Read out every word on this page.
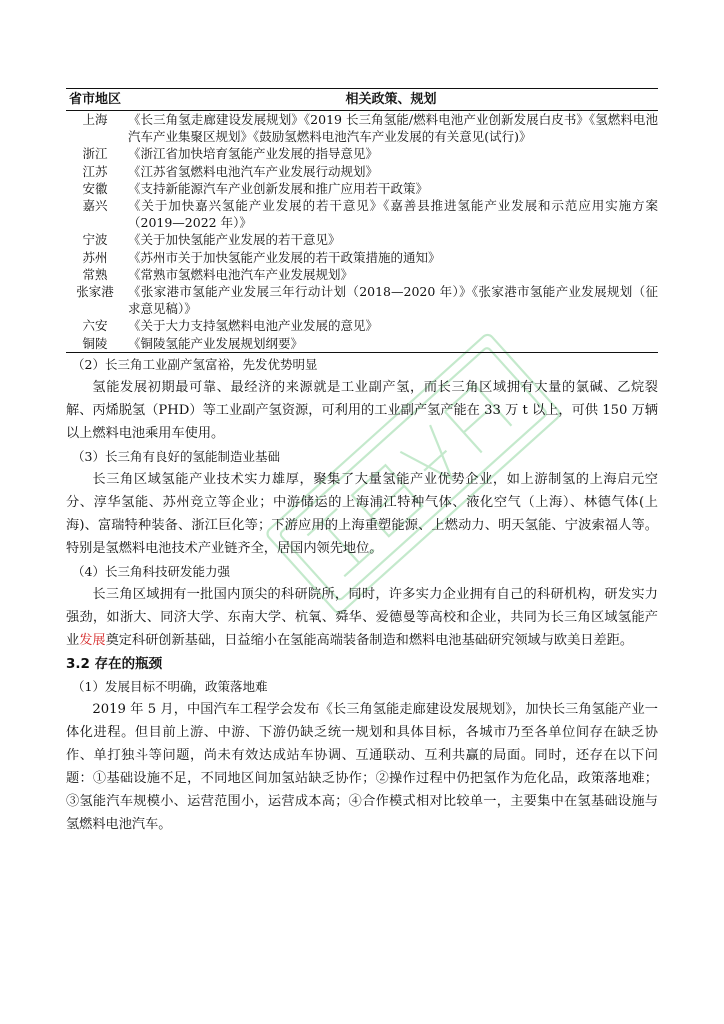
省市地区	相关政策、规划
上海	《长三角氢走廊建设发展规划》《2019 长三角氢能/燃料电池产业创新发展白皮书》《氢燃料电池汽车产业集聚区规划》《鼓励氢燃料电池汽车产业发展的有关意见(试行)》
浙江	《浙江省加快培育氢能产业发展的指导意见》
江苏	《江苏省氢燃料电池汽车产业发展行动规划》
安徽	《支持新能源汽车产业创新发展和推广应用若干政策》
嘉兴	《关于加快嘉兴氢能产业发展的若干意见》《嘉善县推进氢能产业发展和示范应用实施方案（2019—2022 年）》
宁波	《关于加快氢能产业发展的若干意见》
苏州	《苏州市关于加快氢能产业发展的若干政策措施的通知》
常熟	《常熟市氢燃料电池汽车产业发展规划》
张家港	《张家港市氢能产业发展三年行动计划（2018—2020 年）》《张家港市氢能产业发展规划（征求意见稿）》
六安	《关于大力支持氢燃料电池产业发展的意见》
铜陵	《铜陵氢能产业发展规划纲要》
（2）长三角工业副产氢富裕，先发优势明显

氢能发展初期最可靠、最经济的来源就是工业副产氢，而长三角区域拥有大量的氯碱、乙烷裂解、丙烯脱氢（PHD）等工业副产氢资源，可利用的工业副产氢产能在 33 万 t 以上，可供 150 万辆以上燃料电池乘用车使用。

（3）长三角有良好的氢能制造业基础

长三角区域氢能产业技术实力雄厚，聚集了大量氢能产业优势企业，如上游制氢的上海启元空分、淳华氢能、苏州竞立等企业；中游储运的上海浦江特种气体、液化空气（上海）、林德气体(上海)、富瑞特种装备、浙江巨化等；下游应用的上海重塑能源、上燃动力、明天氢能、宁波索福人等。特别是氢燃料电池技术产业链齐全，居国内领先地位。

（4）长三角科技研发能力强

长三角区域拥有一批国内顶尖的科研院所，同时，许多实力企业拥有自己的科研机构，研发实力强劲，如浙大、同济大学、东南大学、杭氧、舜华、爱德曼等高校和企业，共同为长三角区域氢能产业发展奠定科研创新基础，日益缩小在氢能高端装备制造和燃料电池基础研究领域与欧美日差距。

3.2 存在的瓶颈
（1）发展目标不明确，政策落地难

2019 年 5 月，中国汽车工程学会发布《长三角氢能走廊建设发展规划》，加快长三角氢能产业一体化进程。但目前上游、中游、下游仍缺乏统一规划和具体目标，各城市乃至各单位间存在缺乏协作、单打独斗等问题，尚未有效达成站车协调、互通联动、互利共赢的局面。同时，还存在以下问题：①基础设施不足，不同地区间加氢站缺乏协作；②操作过程中仍把氢作为危化品，政策落地难；③氢能汽车规模小、运营范围小，运营成本高；④合作模式相对比较单一，主要集中在氢基础设施与氢燃料电池汽车。
